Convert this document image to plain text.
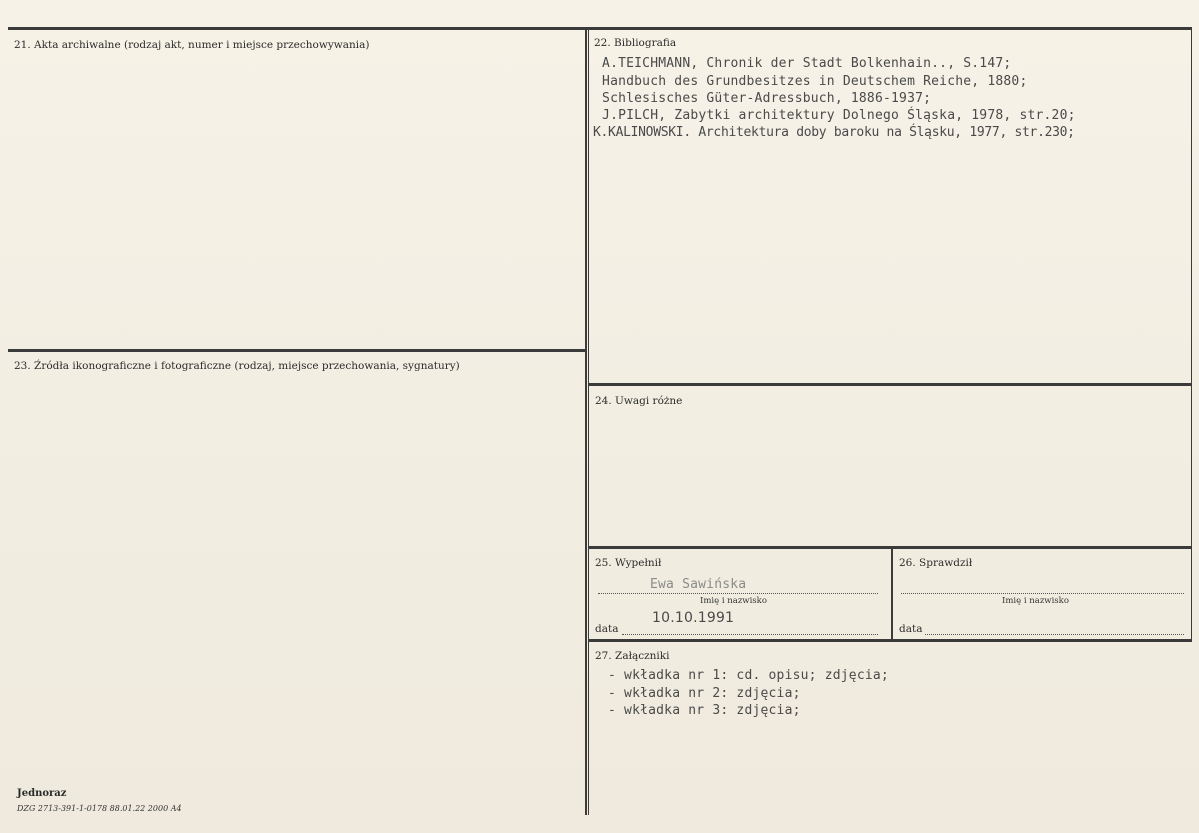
21. Akta archiwalne (rodzaj akt, numer i miejsce przechowywania)	22. Bibliografia
A.TEICHMANN, Chronik der Stadt Bolkenhain.., S.147;
Handbuch des Grundbesitzes in Deutschem Reiche, 1880;
Schlesisches Güter-Adressbuch, 1886-1937;
J.PILCH, Zabytki architektury Dolnego Śląska, 1978, str.20;
K.KALINOWSKI. Architektura doby baroku na Śląsku, 1977, str.230;
23. Źródła ikonograficzne i fotograficzne (rodzaj, miejsce przechowania, sygnatury)
24. Uwagi różne
25. Wypełnił
Ewa Sawińska
Imię i nazwisko
10.10.1991
data
26. Sprawdził
Imię i nazwisko
data
27. Załączniki
- wkładka nr 1: cd. opisu; zdjęcia;
- wkładka nr 2: zdjęcia;
- wkładka nr 3: zdjęcia;
Jednoraz
DZG 2713-391-1-0178 88.01.22 2000 A4
